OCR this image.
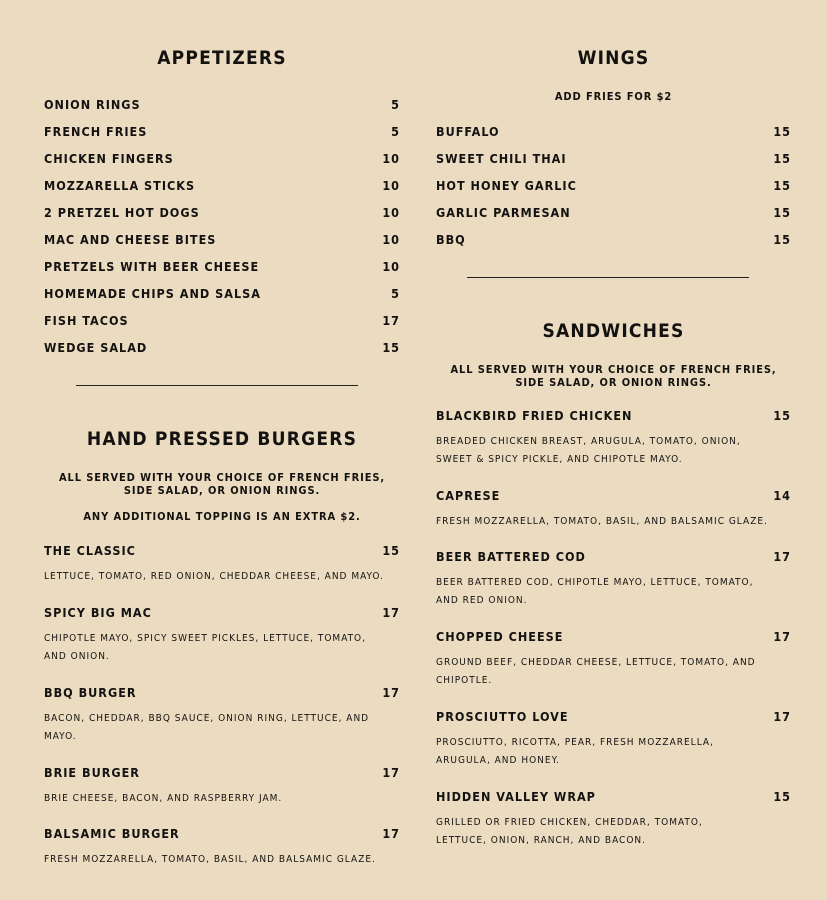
APPETIZERS
ONION RINGS	5
FRENCH FRIES	5
CHICKEN FINGERS	10
MOZZARELLA STICKS	10
2 PRETZEL HOT DOGS	10
MAC AND CHEESE BITES	10
PRETZELS WITH BEER CHEESE	10
HOMEMADE CHIPS AND SALSA	5
FISH TACOS	17
WEDGE SALAD	15
HAND PRESSED BURGERS

ALL SERVED WITH YOUR CHOICE OF FRENCH FRIES, SIDE SALAD, OR ONION RINGS.

ANY ADDITIONAL TOPPING IS AN EXTRA $2.

THE CLASSIC	15
LETTUCE, TOMATO, RED ONION, CHEDDAR CHEESE, AND MAYO.
SPICY BIG MAC	17
CHIPOTLE MAYO, SPICY SWEET PICKLES, LETTUCE, TOMATO, AND ONION.
BBQ BURGER	17
BACON, CHEDDAR, BBQ SAUCE, ONION RING, LETTUCE, AND MAYO.
BRIE BURGER	17
BRIE CHEESE, BACON, AND RASPBERRY JAM.
BALSAMIC BURGER	17
FRESH MOZZARELLA, TOMATO, BASIL, AND BALSAMIC GLAZE.
WINGS

ADD FRIES FOR $2

BUFFALO	15
SWEET CHILI THAI	15
HOT HONEY GARLIC	15
GARLIC PARMESAN	15
BBQ	15
SANDWICHES

ALL SERVED WITH YOUR CHOICE OF FRENCH FRIES, SIDE SALAD, OR ONION RINGS.

BLACKBIRD FRIED CHICKEN	15
BREADED CHICKEN BREAST, ARUGULA, TOMATO, ONION, SWEET & SPICY PICKLE, AND CHIPOTLE MAYO.
CAPRESE	14
FRESH MOZZARELLA, TOMATO, BASIL, AND BALSAMIC GLAZE.
BEER BATTERED COD	17
BEER BATTERED COD, CHIPOTLE MAYO, LETTUCE, TOMATO, AND RED ONION.
CHOPPED CHEESE	17
GROUND BEEF, CHEDDAR CHEESE, LETTUCE, TOMATO, AND CHIPOTLE.
PROSCIUTTO LOVE	17
PROSCIUTTO, RICOTTA, PEAR, FRESH MOZZARELLA, ARUGULA, AND HONEY.
HIDDEN VALLEY WRAP	15
GRILLED OR FRIED CHICKEN, CHEDDAR, TOMATO, LETTUCE, ONION, RANCH, AND BACON.
